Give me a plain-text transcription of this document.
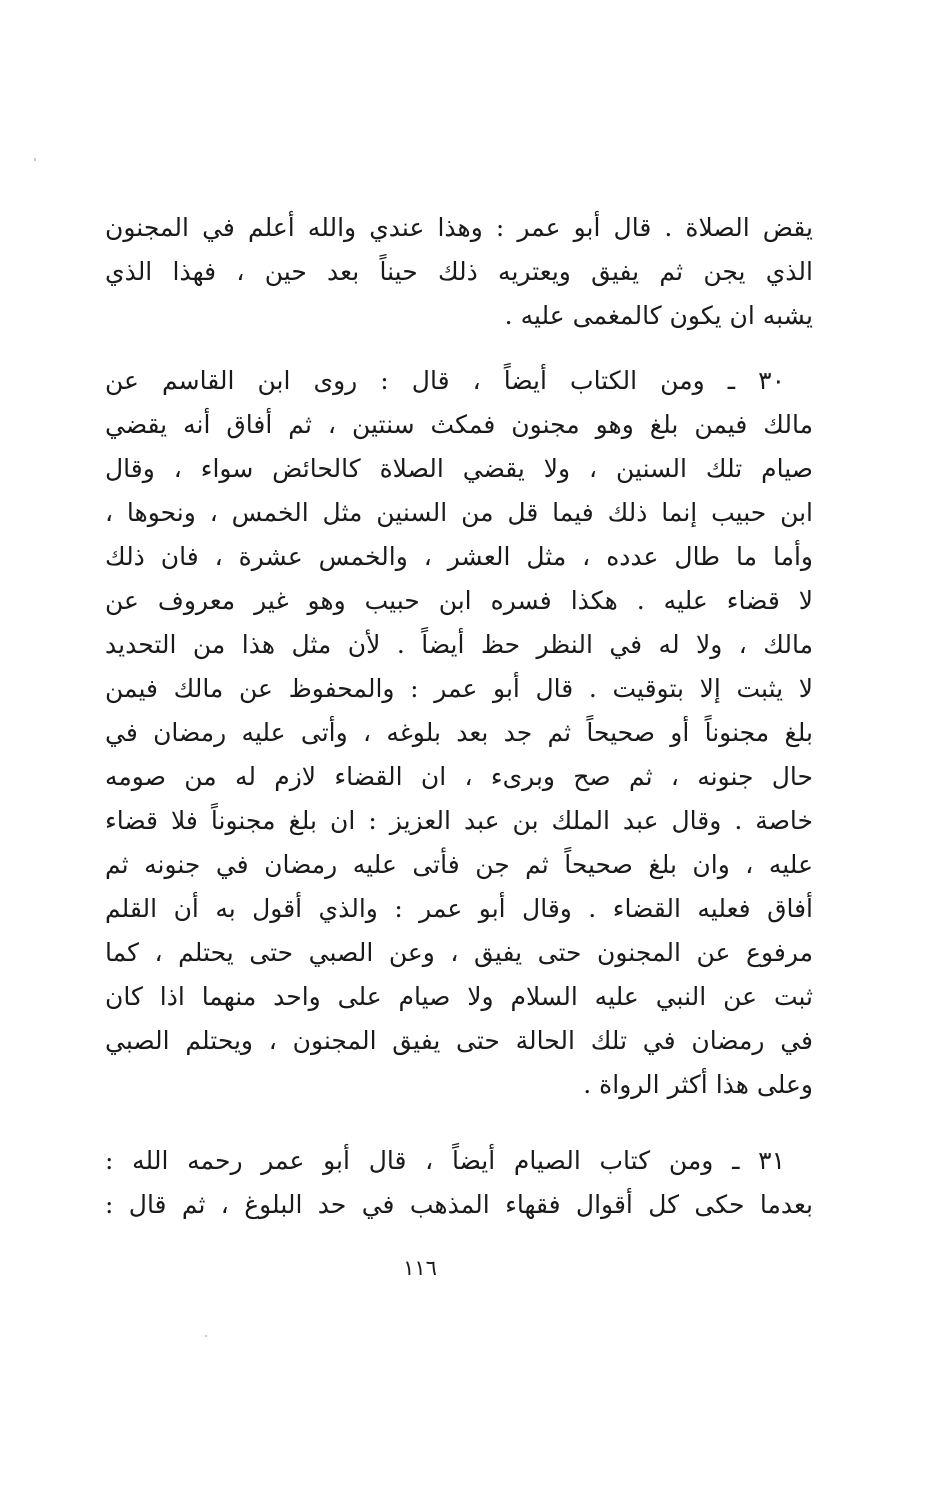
يقض الصلاة . قال أبو عمر : وهذا عندي والله أعلم في المجنون
الذي يجن ثم يفيق ويعتريه ذلك حيناً بعد حين ، فهذا الذي
يشبه ان يكون كالمغمى عليه .
٣٠ ـ ومن الكتاب أيضاً ، قال : روى ابن القاسم عن
مالك فيمن بلغ وهو مجنون فمكث سنتين ، ثم أفاق أنه يقضي
صيام تلك السنين ، ولا يقضي الصلاة كالحائض سواء ، وقال
ابن حبيب إنما ذلك فيما قل من السنين مثل الخمس ، ونحوها ،
وأما ما طال عدده ، مثل العشر ، والخمس عشرة ، فان ذلك
لا قضاء عليه . هكذا فسره ابن حبيب وهو غير معروف عن
مالك ، ولا له في النظر حظ أيضاً . لأن مثل هذا من التحديد
لا يثبت إلا بتوقيت . قال أبو عمر : والمحفوظ عن مالك فيمن
بلغ مجنوناً أو صحيحاً ثم جد بعد بلوغه ، وأتى عليه رمضان في
حال جنونه ، ثم صح وبرىء ، ان القضاء لازم له من صومه
خاصة . وقال عبد الملك بن عبد العزيز : ان بلغ مجنوناً فلا قضاء
عليه ، وان بلغ صحيحاً ثم جن فأتى عليه رمضان في جنونه ثم
أفاق فعليه القضاء . وقال أبو عمر : والذي أقول به أن القلم
مرفوع عن المجنون حتى يفيق ، وعن الصبي حتى يحتلم ، كما
ثبت عن النبي عليه السلام ولا صيام على واحد منهما اذا كان
في رمضان في تلك الحالة حتى يفيق المجنون ، ويحتلم الصبي
وعلى هذا أكثر الرواة .
٣١ ـ ومن كتاب الصيام أيضاً ، قال أبو عمر رحمه الله :
بعدما حكى كل أقوال فقهاء المذهب في حد البلوغ ، ثم قال :
١١٦
